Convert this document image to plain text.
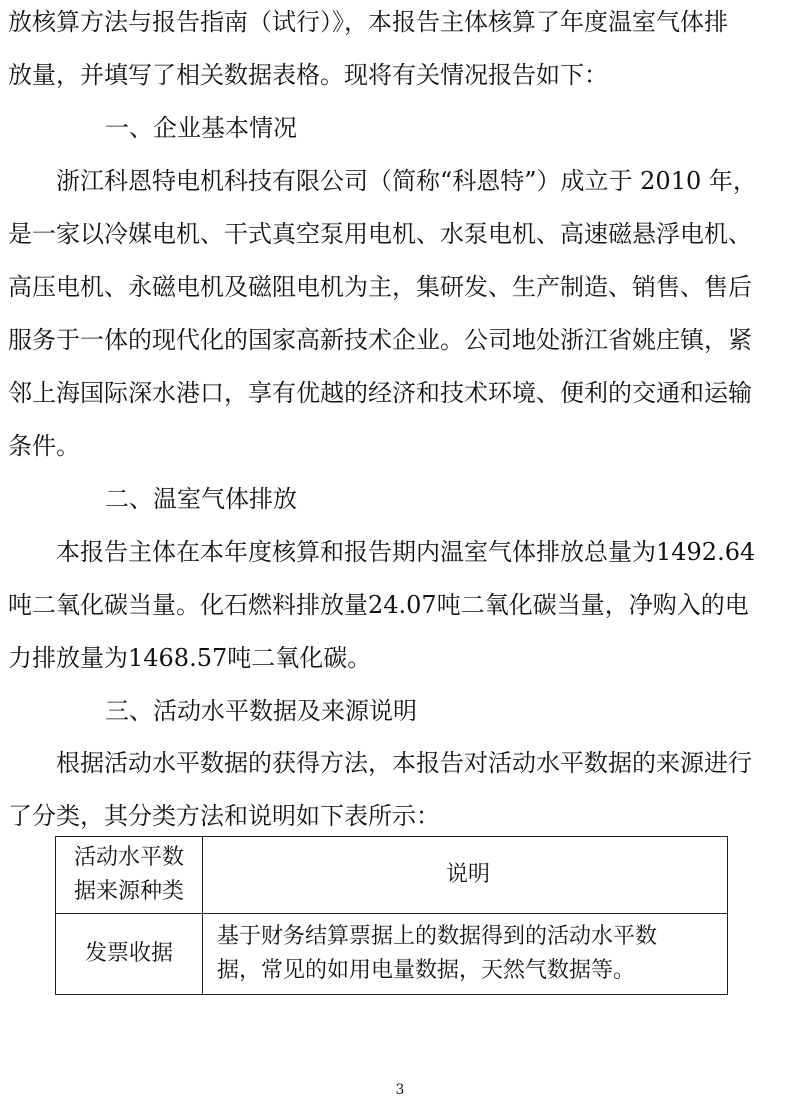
放核算方法与报告指南（试行）》，本报告主体核算了年度温室气体排
放量，并填写了相关数据表格。现将有关情况报告如下：
一、企业基本情况
浙江科恩特电机科技有限公司（简称“科恩特”）成立于 2010 年，
是一家以冷媒电机、干式真空泵用电机、水泵电机、高速磁悬浮电机、
高压电机、永磁电机及磁阻电机为主，集研发、生产制造、销售、售后
服务于一体的现代化的国家高新技术企业。公司地处浙江省姚庄镇，紧
邻上海国际深水港口，享有优越的经济和技术环境、便利的交通和运输
条件。
二、温室气体排放
本报告主体在本年度核算和报告期内温室气体排放总量为1492.64
吨二氧化碳当量。化石燃料排放量24.07吨二氧化碳当量，净购入的电
力排放量为1468.57吨二氧化碳。
三、活动水平数据及来源说明
根据活动水平数据的获得方法，本报告对活动水平数据的来源进行
活动水平数
据来源种类	说明
发票收据	基于财务结算票据上的数据得到的活动水平数
据，常见的如用电量数据，天然气数据等。
3
了分类，其分类方法和说明如下表所示：
